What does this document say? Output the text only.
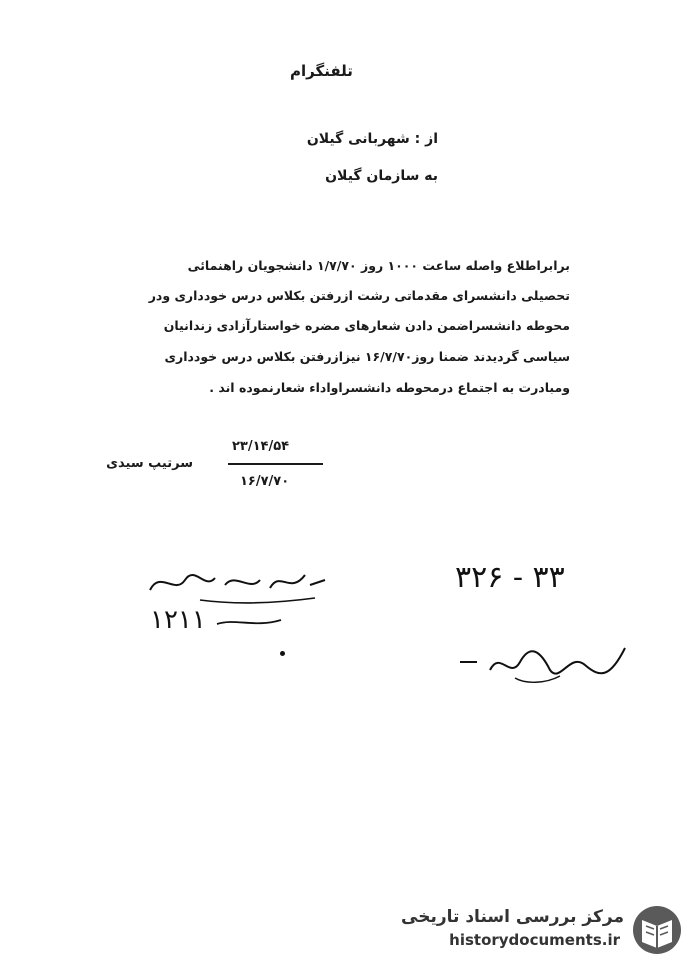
تلفنگرام
از : شهربانی گیلان
به سازمان گیلان
برابراطلاع واصله ساعت ۱۰۰۰ روز ۱/۷/۷۰ دانشجویان راهنمائی
تحصیلی دانشسرای مقدماتی رشت ازرفتن بکلاس درس خودداری ودر
محوطه دانشسراضمن دادن شعارهای مضره خواستارآزادی زندانیان
سیاسی گردیدند ضمنا روز۱۶/۷/۷۰ نیزازرفتن بکلاس درس خودداری
ومبادرت به اجتماع درمحوطه دانشسراواداء شعارنموده اند .
۲۳/۱۴/۵۴
۱۶/۷/۷۰
سرتیپ سیدی
۳۲۶ - ۳۳
۱۲۱۱
مرکز بررسی اسناد تاریخی
historydocuments.ir
